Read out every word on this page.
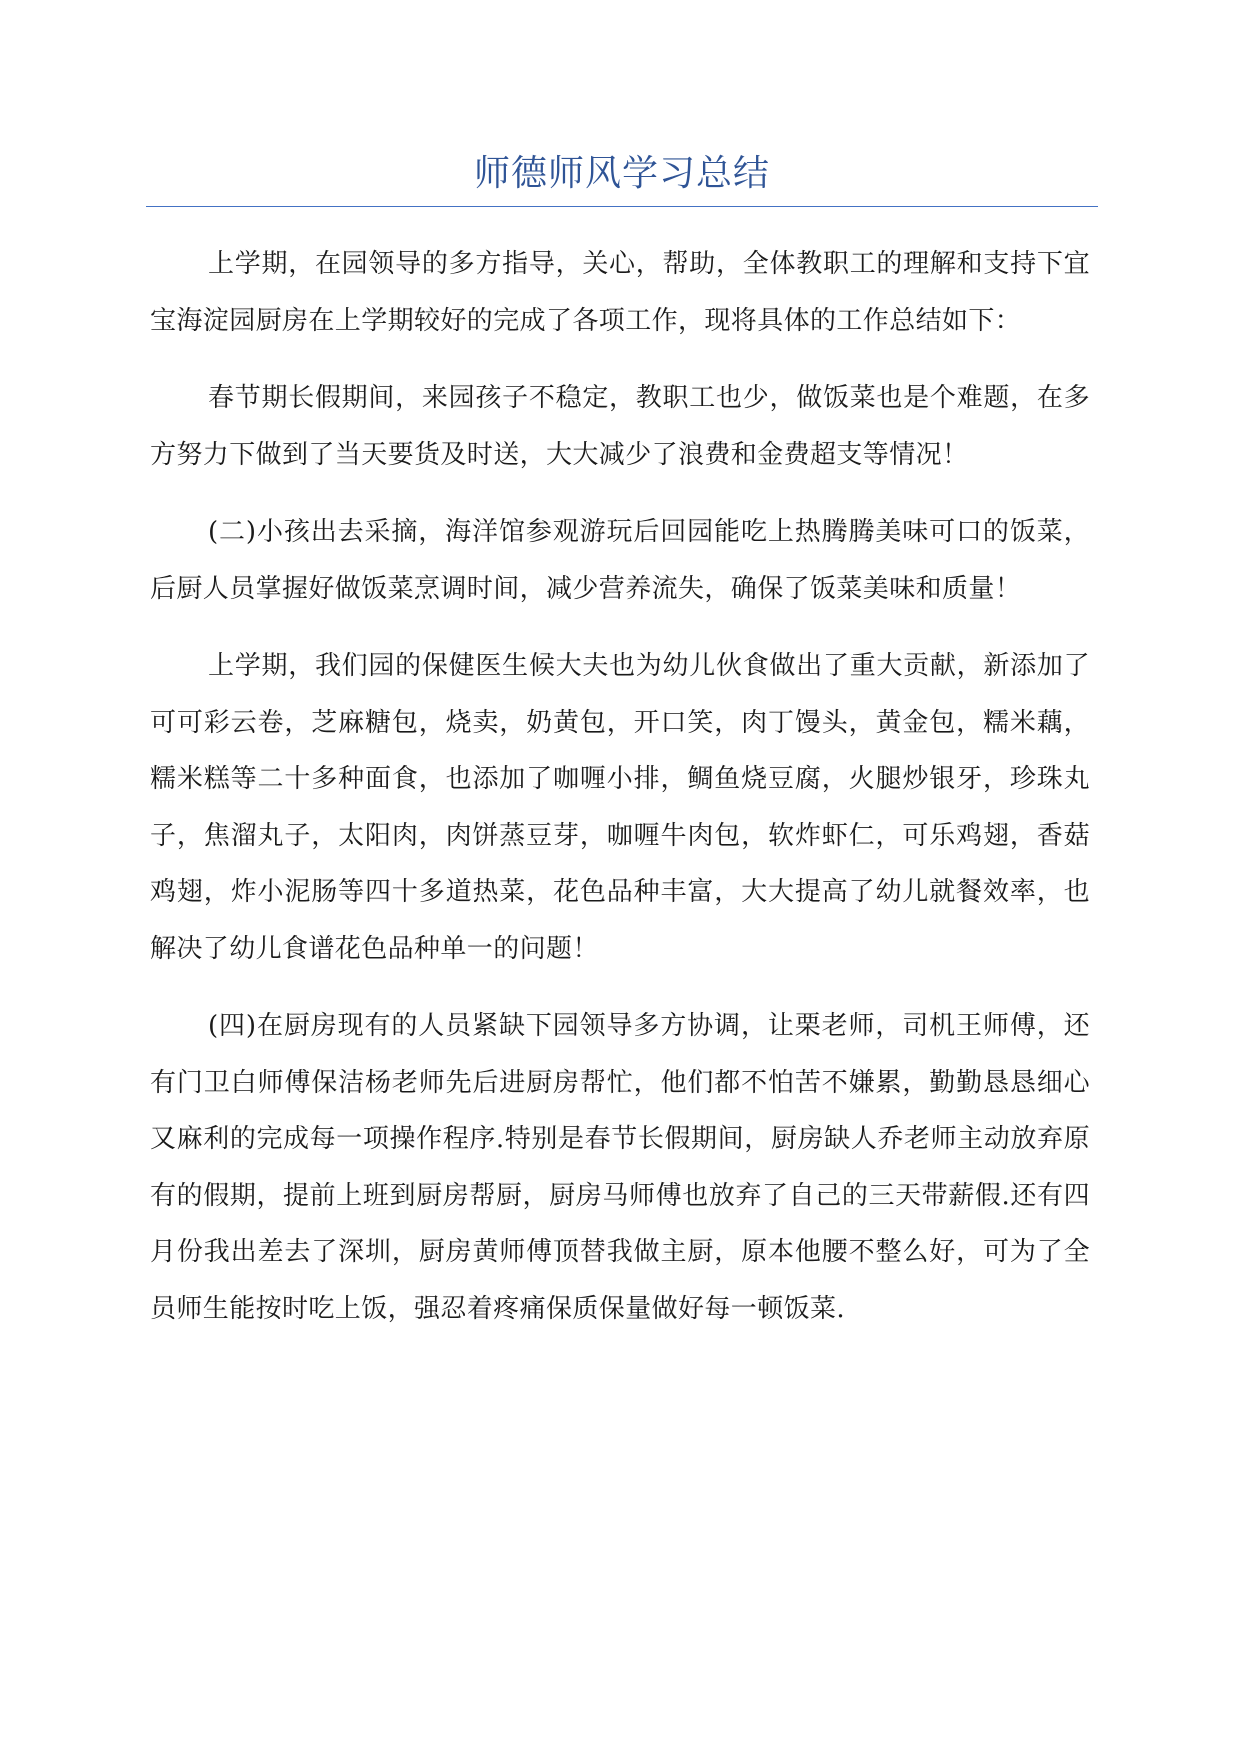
师德师风学习总结

上学期，在园领导的多方指导，关心，帮助，全体教职工的理解和支持下宜宝海淀园厨房在上学期较好的完成了各项工作，现将具体的工作总结如下：

春节期长假期间，来园孩子不稳定，教职工也少，做饭菜也是个难题，在多方努力下做到了当天要货及时送，大大减少了浪费和金费超支等情况！

(二)小孩出去采摘，海洋馆参观游玩后回园能吃上热腾腾美味可口的饭菜，后厨人员掌握好做饭菜烹调时间，减少营养流失，确保了饭菜美味和质量！

上学期，我们园的保健医生候大夫也为幼儿伙食做出了重大贡献，新添加了可可彩云卷，芝麻糖包，烧卖，奶黄包，开口笑，肉丁馒头，黄金包，糯米藕，糯米糕等二十多种面食，也添加了咖喱小排，鲷鱼烧豆腐，火腿炒银牙，珍珠丸子，焦溜丸子，太阳肉，肉饼蒸豆芽，咖喱牛肉包，软炸虾仁，可乐鸡翅，香菇鸡翅，炸小泥肠等四十多道热菜，花色品种丰富，大大提高了幼儿就餐效率，也解决了幼儿食谱花色品种单一的问题！

(四)在厨房现有的人员紧缺下园领导多方协调，让栗老师，司机王师傅，还有门卫白师傅保洁杨老师先后进厨房帮忙，他们都不怕苦不嫌累，勤勤恳恳细心又麻利的完成每一项操作程序.特别是春节长假期间，厨房缺人乔老师主动放弃原有的假期，提前上班到厨房帮厨，厨房马师傅也放弃了自己的三天带薪假.还有四月份我出差去了深圳，厨房黄师傅顶替我做主厨，原本他腰不整么好，可为了全员师生能按时吃上饭，强忍着疼痛保质保量做好每一顿饭菜.
